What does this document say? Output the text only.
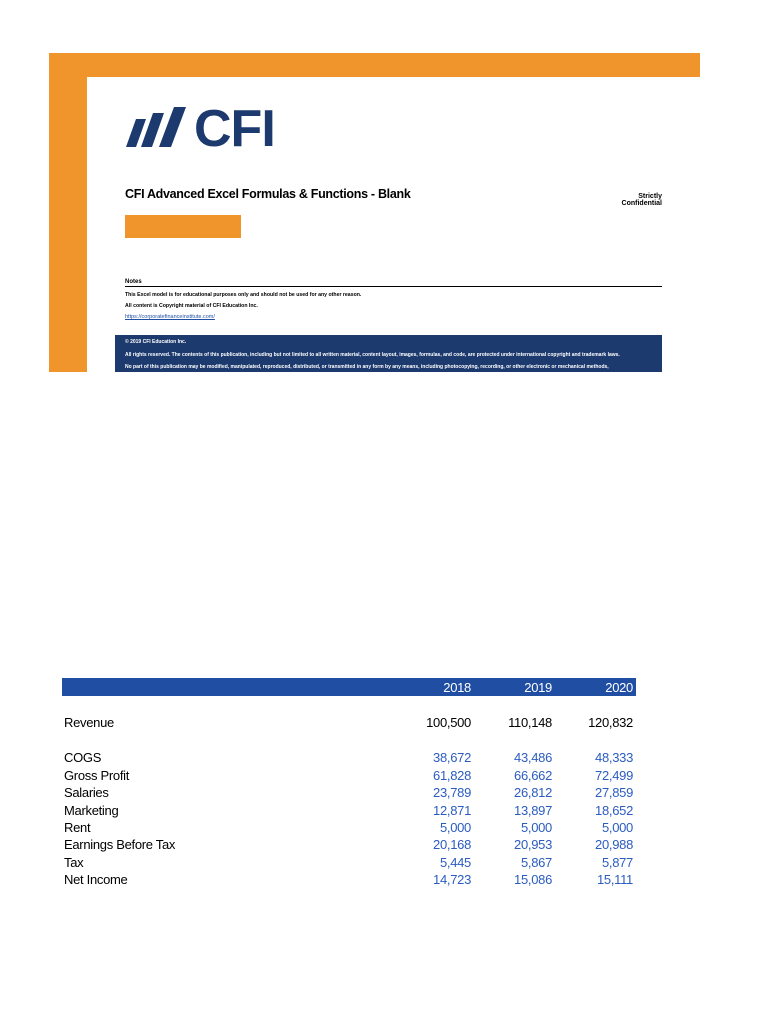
CFI
CFI Advanced Excel Formulas & Functions - Blank	Strictly Confidential
Notes
This Excel model is for educational purposes only and should not be used for any other reason.
All content is Copyright material of CFI Education Inc.
https://corporatefinanceinstitute.com/
© 2019 CFI Education Inc.
All rights reserved. The contents of this publication, including but not limited to all written material, content layout, images, formulas, and code, are protected under international copyright and trademark laws.
No part of this publication may be modified, manipulated, reproduced, distributed, or transmitted in any form by any means, including photocopying, recording, or other electronic or mechanical methods,
2018	2019	2020
Revenue	100,500	110,148	120,832
COGS	38,672	43,486	48,333
Gross Profit	61,828	66,662	72,499
Salaries	23,789	26,812	27,859
Marketing	12,871	13,897	18,652
Rent	5,000	5,000	5,000
Earnings Before Tax	20,168	20,953	20,988
Tax	5,445	5,867	5,877
Net Income	14,723	15,086	15,111
